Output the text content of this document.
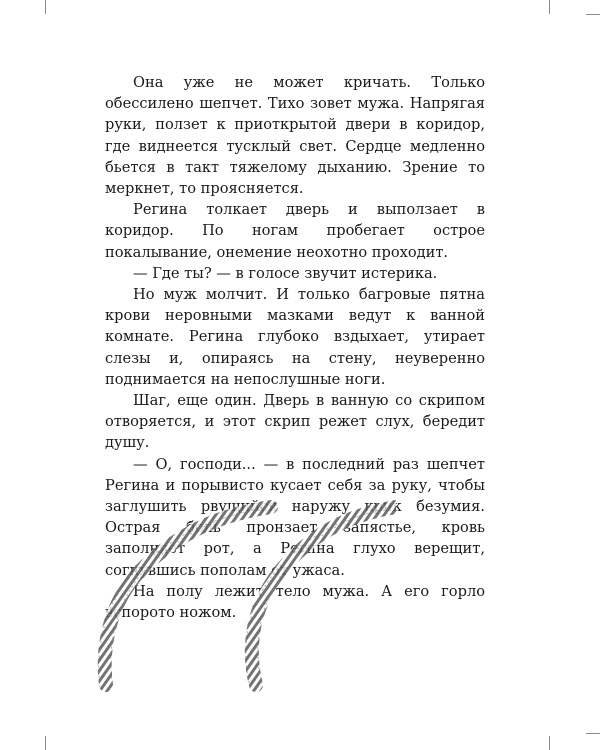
Она уже не может кричать. Только обессилено шепчет. Тихо зовет мужа. Напрягая руки, ползет к приоткрытой двери в коридор, где виднеется тусклый свет. Сердце медленно бьется в такт тяжелому дыханию. Зрение то меркнет, то проясняется.

Регина толкает дверь и выползает в коридор. По ногам пробегает острое покалывание, онемение неохотно проходит.

— Где ты? — в голосе звучит истерика.

Но муж молчит. И только багровые пятна крови неровными мазками ведут к ванной комнате. Регина глубоко вздыхает, утирает слезы и, опираясь на стену, неуверенно поднимается на непослушные ноги.

Шаг, еще один. Дверь в ванную со скрипом отворяется, и этот скрип режет слух, бередит душу.

— О, господи... — в последний раз шепчет Регина и порывисто кусает себя за руку, чтобы заглушить рвущийся наружу крик безумия. Острая боль пронзает запястье, кровь заполняет рот, а Регина глухо верещит, согнувшись пополам от ужаса.

На полу лежит тело мужа. А его горло вспорото ножом.
